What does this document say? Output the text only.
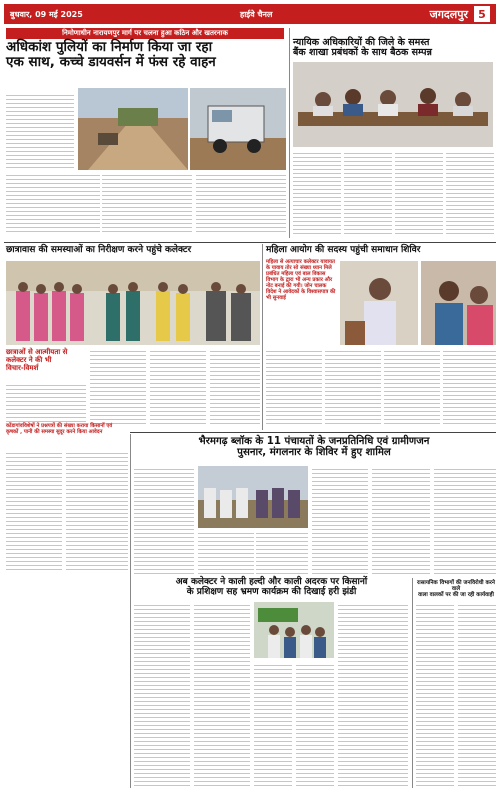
बुधवार, 09 मई 2025	हाईवे चैनल	जगदलपुर 5
निमोणाधीन नारायणपुर मार्ग पर चलना हुआ कठिन और खतरनाक
अधिकांश पुलियों का निर्माण किया जा रहा
एक साथ, कच्चे डायवर्सन में फंस रहे वाहन
न्यायिक अधिकारियों की जिले के समस्त
बैंक शाखा प्रबंधकों के साथ बैठक सम्पन्न
छात्रावास की समस्याओं का निरीक्षण करने पहुंचे कलेक्टर
छात्राओं से आत्मीयता से
कलेक्टर ने की भी
विचार-विमर्श
कोंडागांवविशेषों ने प्रश्नपत्रों की संख्या कराया किसानों एवं कृषकों , पानी की समस्या सुदूर करने किया आवेदन
महिला आयोग की सदस्य पहुंची समाधान शिविर
महिला से अत्याचार कलेक्टर यावायत के यावाय तोर सो संख्या ध्यान मिले प्रबंधित महिला एवं बाल विकास विभाग के द्वारा भी अन्य प्रकार और नोट बनाई की गयी। जोन चालक विदेश ने आवेदकों के विश्वासपात्र की भी सुनवाई
भैरमगढ़ ब्लॉक के 11 पंचायतों के जनप्रतिनिधि एवं ग्रामीणजन
पुसनार, मंगलनार के शिविर में हुए शामिल
अब कलेक्टर ने काली हल्दी और काली अदरक पर किसानों
के प्रशिक्षण सह भ्रमण कार्यक्रम की दिखाई हरी झंडी
रासायनिक विभागों की जनविरोधी करने वाले
वाला वालकों पर की जा रही कार्यवाही
